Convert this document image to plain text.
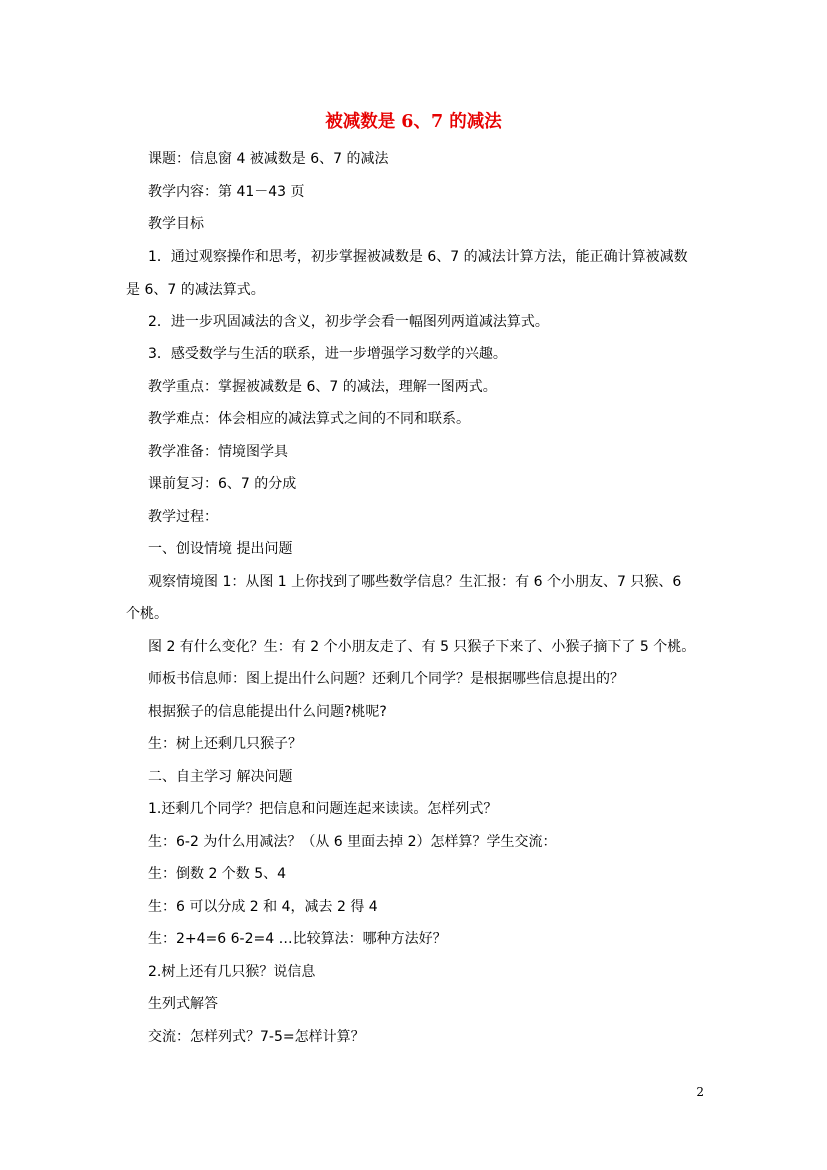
被减数是 6、7 的减法
课题：信息窗 4 被减数是 6、7 的减法
教学内容：第 41－43 页
教学目标
1．通过观察操作和思考，初步掌握被减数是 6、7 的减法计算方法，能正确计算被减数
是 6、7 的减法算式。
2．进一步巩固减法的含义，初步学会看一幅图列两道减法算式。
3．感受数学与生活的联系，进一步增强学习数学的兴趣。
教学重点：掌握被减数是 6、7 的减法，理解一图两式。
教学难点：体会相应的减法算式之间的不同和联系。
教学准备：情境图学具
课前复习：6、7 的分成
教学过程：
一、创设情境 提出问题
观察情境图 1：从图 1 上你找到了哪些数学信息？生汇报：有 6 个小朋友、7 只猴、6
个桃。
图 2 有什么变化？生：有 2 个小朋友走了、有 5 只猴子下来了、小猴子摘下了 5 个桃。
师板书信息师：图上提出什么问题？还剩几个同学？是根据哪些信息提出的？
根据猴子的信息能提出什么问题?桃呢?
生：树上还剩几只猴子？
二、自主学习 解决问题
1.还剩几个同学？把信息和问题连起来读读。怎样列式？
生：6-2 为什么用减法？（从 6 里面去掉 2）怎样算？学生交流：
生：倒数 2 个数 5、4
生：6 可以分成 2 和 4，减去 2 得 4
生：2+4=6 6-2=4 …比较算法：哪种方法好？
2.树上还有几只猴？说信息
生列式解答
交流：怎样列式？7-5=怎样计算？
2
